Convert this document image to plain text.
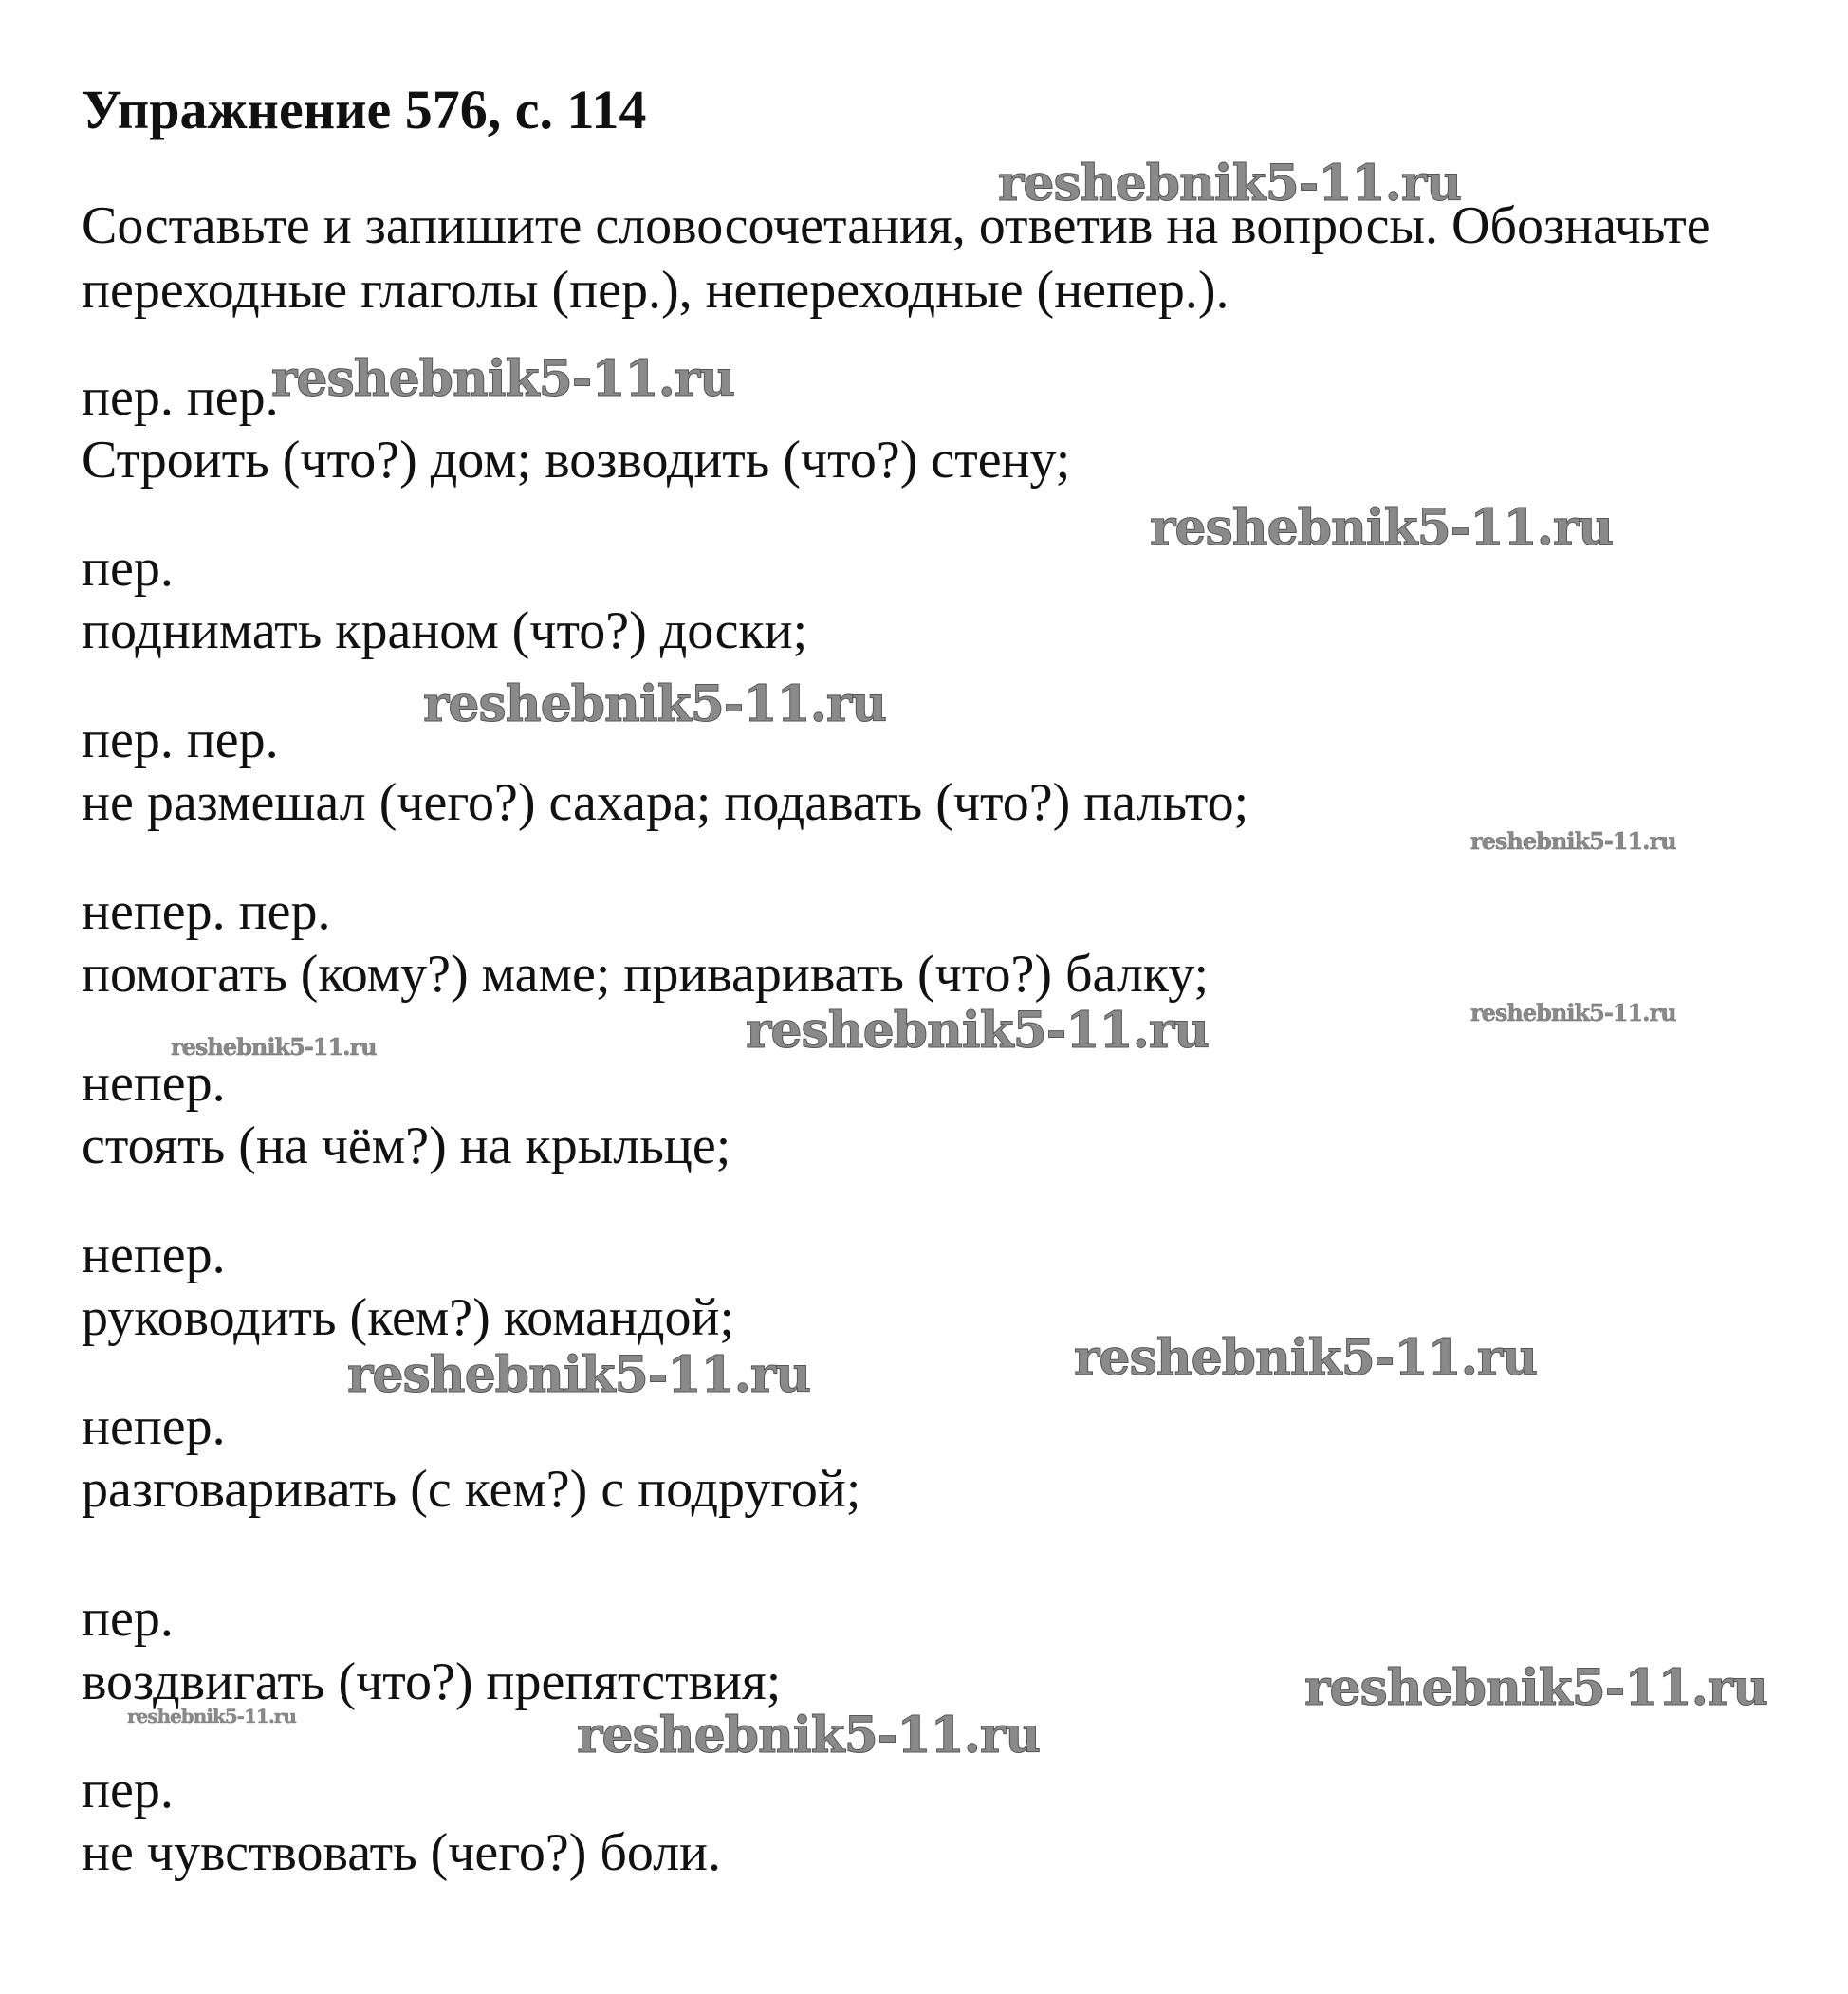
Упражнение 576, с. 114
Составьте и запишите словосочетания, ответив на вопросы. Обозначьте
переходные глаголы (пер.), непереходные (непер.).
пер. пер.
Строить (что?) дом; возводить (что?) стену;
пер.
поднимать краном (что?) доски;
пер. пер.
не размешал (чего?) сахара; подавать (что?) пальто;
непер. пер.
помогать (кому?) маме; приваривать (что?) балку;
непер.
стоять (на чём?) на крыльце;
непер.
руководить (кем?) командой;
непер.
разговаривать (с кем?) с подругой;
пер.
воздвигать (что?) препятствия;
пер.
не чувствовать (чего?) боли.
reshebnik5-11.ru
reshebnik5-11.ru
reshebnik5-11.ru
reshebnik5-11.ru
reshebnik5-11.ru
reshebnik5-11.ru	reshebnik5-11.ru
reshebnik5-11.ru
reshebnik5-11.ru
reshebnik5-11.ru
reshebnik5-11.ru
reshebnik5-11.ru	reshebnik5-11.ru
